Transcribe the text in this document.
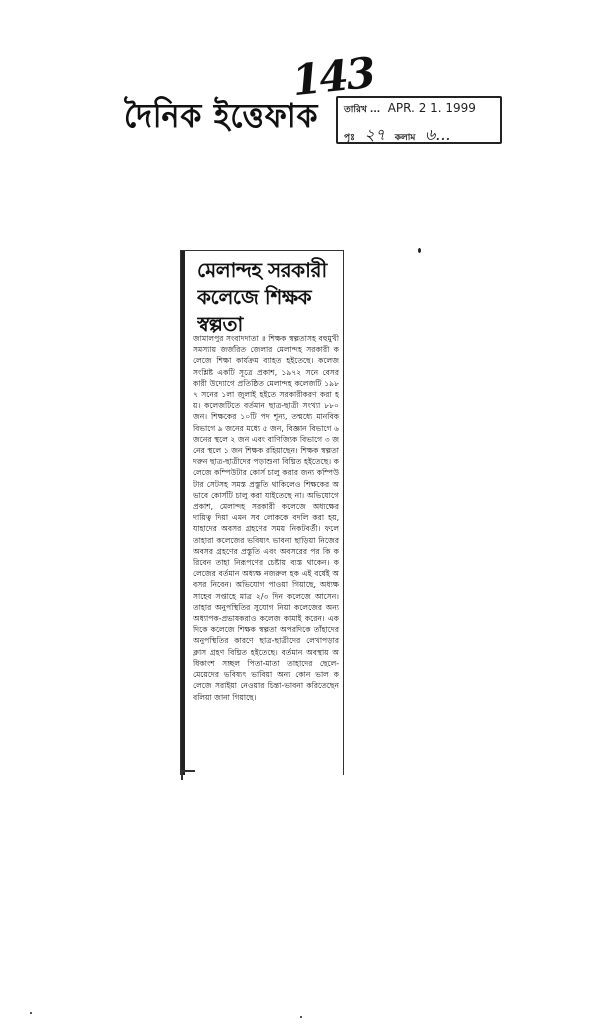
143
দৈনিক ইত্তেফাক	তারিখ ... APR. 2 1. 1999
পৃঃ ২৭ কলাম ৬...
মেলান্দহ সরকারী
কলেজে শিক্ষক
স্বল্পতা
জামালপুর সংবাদদাতা ॥ শিক্ষক স্বল্পতাসহ বহুমুখী সমস্যায় জর্জরিত জেলার মেলান্দহ সরকারী কলেজে শিক্ষা কার্যক্রম ব্যাহত হইতেছে। কলেজ সংশ্লিষ্ট একটি সূত্রে প্রকাশ, ১৯৭২ সনে বেসরকারী উদ্যোগে প্রতিষ্ঠিত মেলান্দহ কলেজটি ১৯৮৭ সনের ১লা জুলাই হইতে সরকারীকরণ করা হয়। কলেজটিতে বর্তমান ছাত্র-ছাত্রী সংখ্যা ৮৮০ জন। শিক্ষকের ১০টি পদ শূন্য, তন্মধ্যে মানবিক বিভাগে ৯ জনের মধ্যে ৫ জন, বিজ্ঞান বিভাগে ৬ জনের স্থলে ২ জন এবং বাণিজ্যিক বিভাগে ৩ জনের স্থলে ১ জন শিক্ষক রহিয়াছেন। শিক্ষক স্বল্পতা দরুন ছাত্র-ছাত্রীদের পড়াশুনা বিঘ্নিত হইতেছে। কলেজে কম্পিউটার কোর্স চালু করার জন্য কম্পিউটার সেটসহ সমস্ত প্রস্তুতি থাকিলেও শিক্ষকের অভাবে কোর্সটি চালু করা যাইতেছে না। অভিযোগে প্রকাশ, মেলান্দহ সরকারী কলেজে অধ্যক্ষের দায়িত্ব দিয়া এমন সব লোককে বদলি করা হয়, যাহাদের অবসর গ্রহণের সময় নিকটবর্তী। ফলে তাহারা কলেজের ভবিষ্যৎ ভাবনা ছাড়িয়া নিজের অবসর গ্রহণের প্রস্তুতি এবং অবসরের পর কি করিবেন তাহা নিরূপণের চেষ্টায় ব্যস্ত থাকেন। কলেজের বর্তমান অধ্যক্ষ নজরুল হক এই বর্ষেই অবসর নিবেন। অভিযোগ পাওয়া গিয়াছে, অধ্যক্ষ সাহেব সপ্তাহে মাত্র ২/৩ দিন কলেজে আসেন। তাহার অনুপস্থিতির সুযোগ নিয়া কলেজের অন্য অধ্যাপক-প্রভাষকরাও কলেজ কামাই করেন। একদিকে কলেজে শিক্ষক স্বল্পতা অপরদিকে তাঁহাদের অনুপস্থিতির কারণে ছাত্র-ছাত্রীদের লেখাপড়ার ক্লাস গ্রহণ বিঘ্নিত হইতেছে। বর্তমান অবস্থায় অধিকাংশ সচ্ছল পিতা-মাতা তাহাদের ছেলে-মেয়েদের ভবিষ্যৎ ভাবিয়া অন্য কোন ভাল কলেজে সরাইয়া নেওয়ার চিন্তা-ভাবনা করিতেছেন বলিয়া জানা গিয়াছে।
